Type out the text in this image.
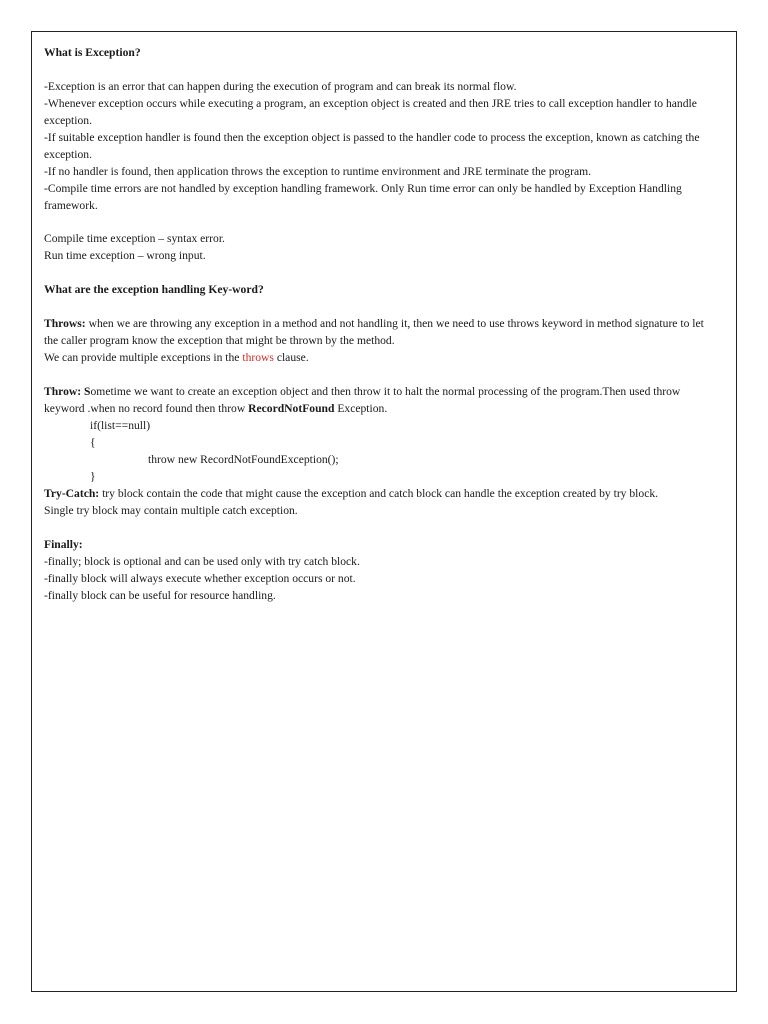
What is Exception?

-Exception is an error that can happen during the execution of program and can break its normal flow.

-Whenever exception occurs while executing a program, an exception object is created and then JRE tries to call exception handler to handle exception.

-If suitable exception handler is found then the exception object is passed to the handler code to process the exception, known as catching the exception.

-If no handler is found, then application throws the exception to runtime environment and JRE terminate the program.

-Compile time errors are not handled by exception handling framework. Only Run time error can only be handled by Exception Handling framework.

Compile time exception – syntax error.

Run time exception – wrong input.

What are the exception handling Key-word?

Throws: when we are throwing any exception in a method and not handling it, then we need to use throws keyword in method signature to let the caller program know the exception that might be thrown by the method.

We can provide multiple exceptions in the throws clause.

Throw: Sometime we want to create an exception object and then throw it to halt the normal processing of the program.Then used throw keyword .when no record found then throw RecordNotFound Exception.

if(list==null)

{

throw new RecordNotFoundException();

}

Try-Catch: try block contain the code that might cause the exception and catch block can handle the exception created by try block.

Single try block may contain multiple catch exception.

Finally:

-finally; block is optional and can be used only with try catch block.

-finally block will always execute whether exception occurs or not.

-finally block can be useful for resource handling.
